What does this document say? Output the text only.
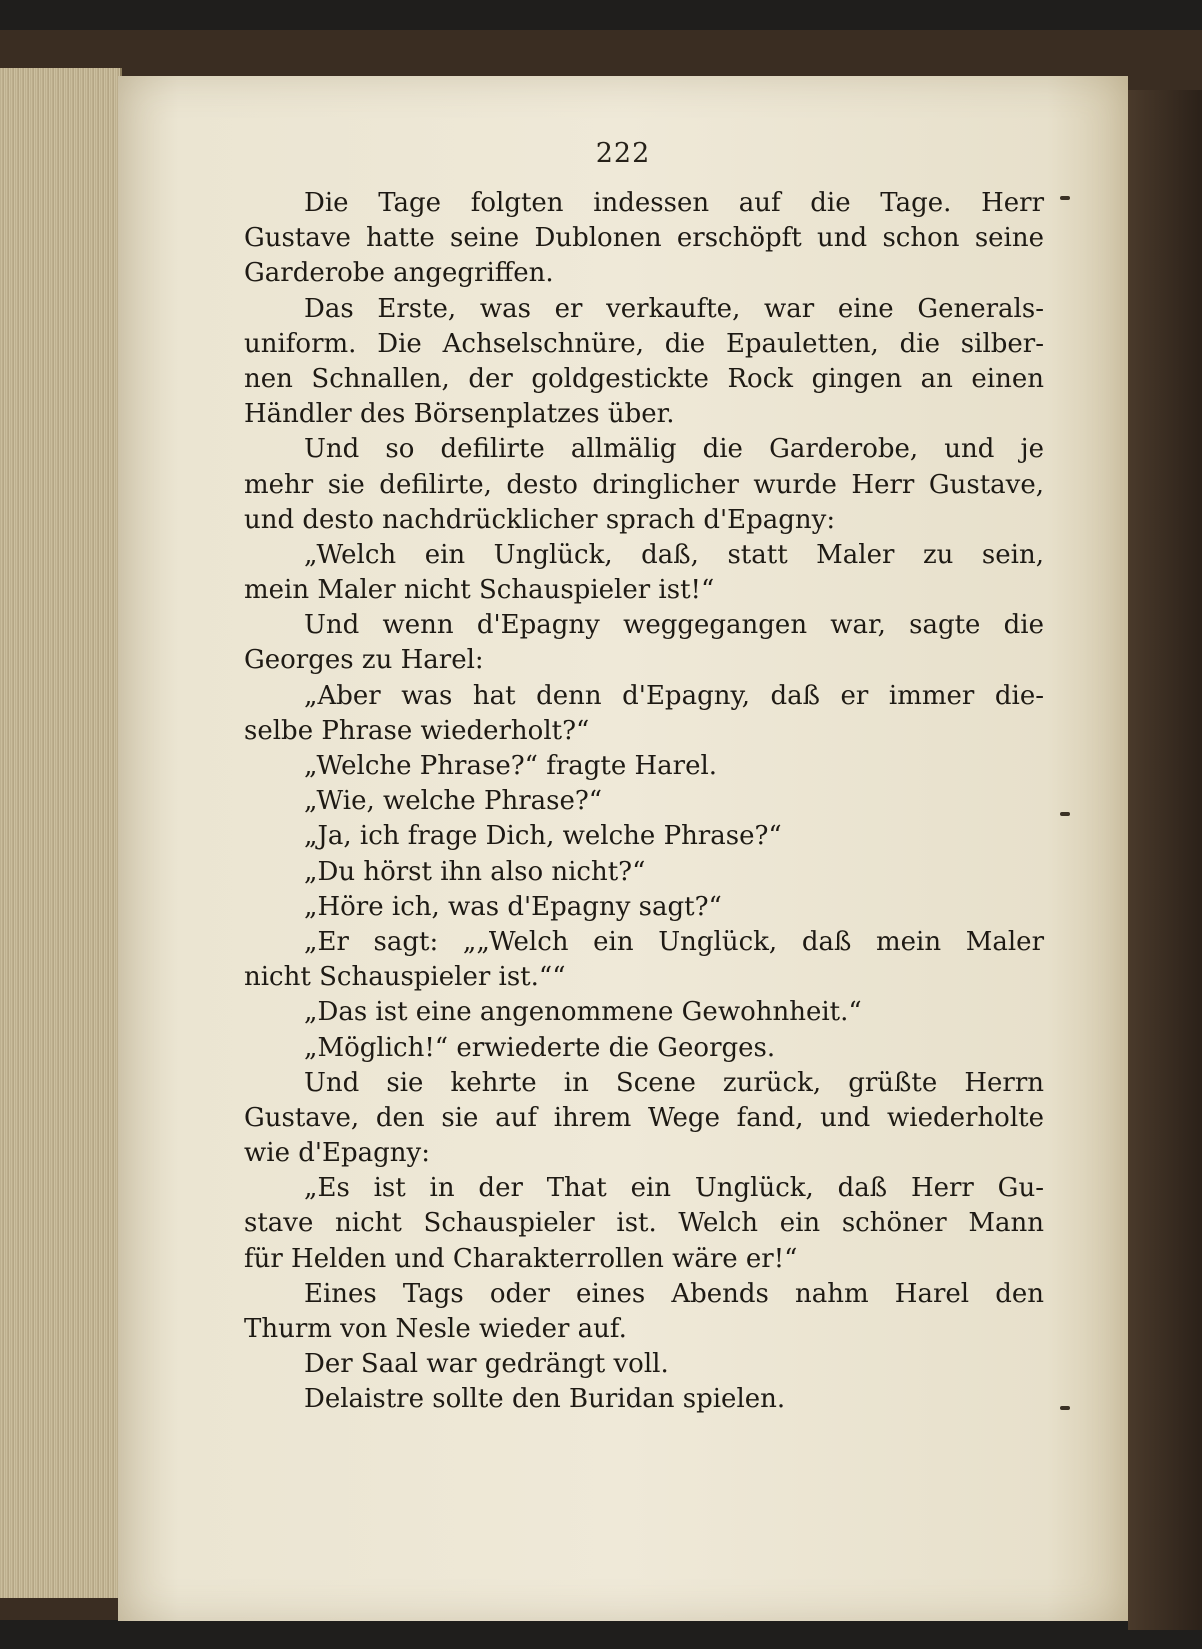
222
Die Tage folgten indessen auf die Tage. Herr
Gustave hatte seine Dublonen erschöpft und schon seine
Garderobe angegriffen.
Das Erste, was er verkaufte, war eine Generals-
uniform. Die Achselschnüre, die Epauletten, die silber-
nen Schnallen, der goldgestickte Rock gingen an einen
Händler des Börsenplatzes über.
Und so defilirte allmälig die Garderobe, und je
mehr sie defilirte, desto dringlicher wurde Herr Gustave,
und desto nachdrücklicher sprach d'Epagny:
„Welch ein Unglück, daß, statt Maler zu sein,
mein Maler nicht Schauspieler ist!“
Und wenn d'Epagny weggegangen war, sagte die
Georges zu Harel:
„Aber was hat denn d'Epagny, daß er immer die-
selbe Phrase wiederholt?“
„Welche Phrase?“ fragte Harel.
„Wie, welche Phrase?“
„Ja, ich frage Dich, welche Phrase?“
„Du hörst ihn also nicht?“
„Höre ich, was d'Epagny sagt?“
„Er sagt: „„Welch ein Unglück, daß mein Maler
nicht Schauspieler ist.““
„Das ist eine angenommene Gewohnheit.“
„Möglich!“ erwiederte die Georges.
Und sie kehrte in Scene zurück, grüßte Herrn
Gustave, den sie auf ihrem Wege fand, und wiederholte
wie d'Epagny:
„Es ist in der That ein Unglück, daß Herr Gu-
stave nicht Schauspieler ist. Welch ein schöner Mann
für Helden und Charakterrollen wäre er!“
Eines Tags oder eines Abends nahm Harel den
Thurm von Nesle wieder auf.
Der Saal war gedrängt voll.
Delaistre sollte den Buridan spielen.
